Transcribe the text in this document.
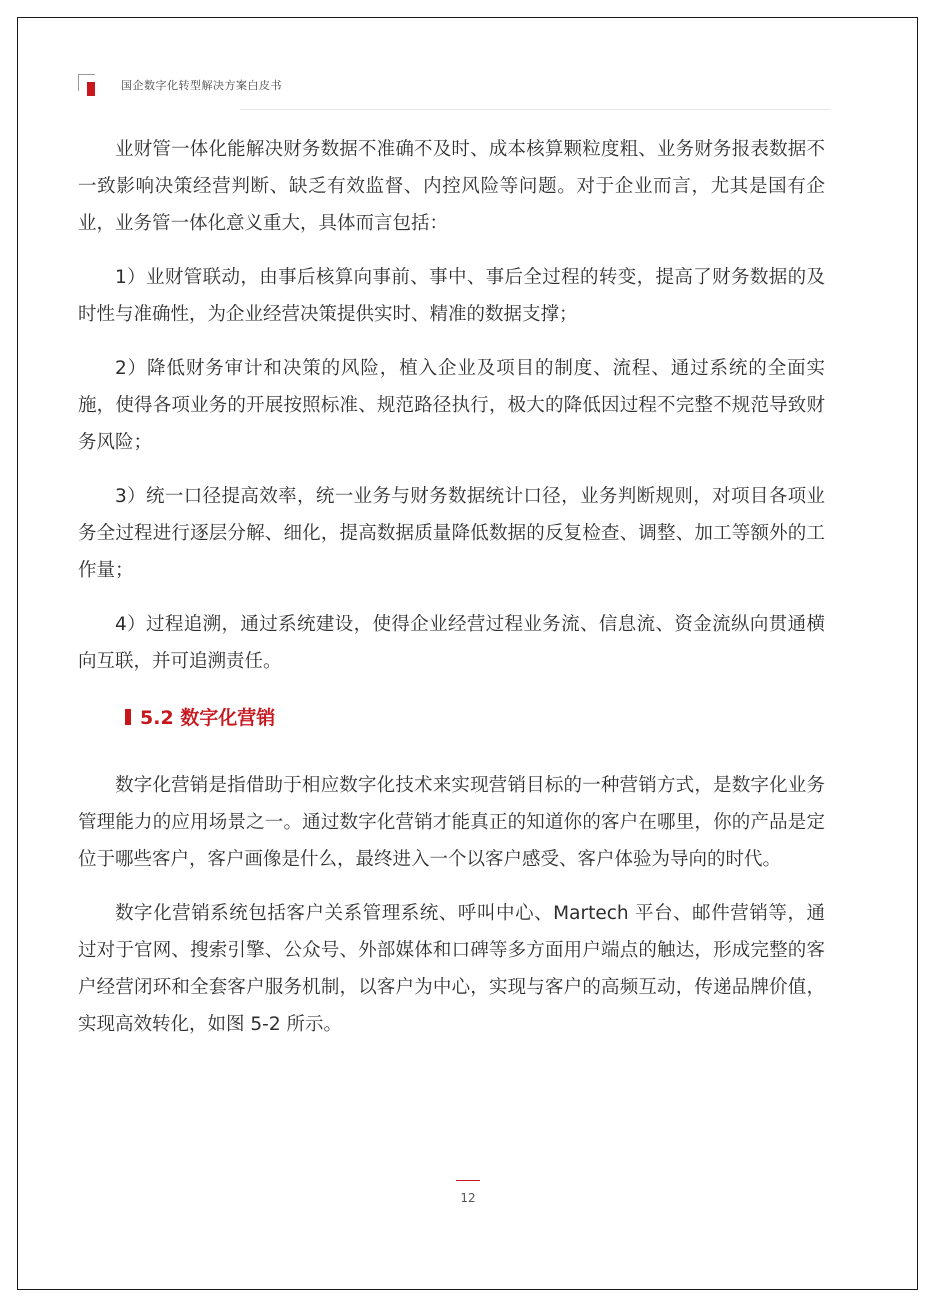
国企数字化转型解决方案白皮书

业财管一体化能解决财务数据不准确不及时、成本核算颗粒度粗、业务财务报表数据不一致影响决策经营判断、缺乏有效监督、内控风险等问题。对于企业而言，尤其是国有企业，业务管一体化意义重大，具体而言包括：

1）业财管联动，由事后核算向事前、事中、事后全过程的转变，提高了财务数据的及时性与准确性，为企业经营决策提供实时、精准的数据支撑；

2）降低财务审计和决策的风险，植入企业及项目的制度、流程、通过系统的全面实施，使得各项业务的开展按照标准、规范路径执行，极大的降低因过程不完整不规范导致财务风险；

3）统一口径提高效率，统一业务与财务数据统计口径，业务判断规则，对项目各项业务全过程进行逐层分解、细化，提高数据质量降低数据的反复检查、调整、加工等额外的工作量；

4）过程追溯，通过系统建设，使得企业经营过程业务流、信息流、资金流纵向贯通横向互联，并可追溯责任。

5.2 数字化营销

数字化营销是指借助于相应数字化技术来实现营销目标的一种营销方式，是数字化业务管理能力的应用场景之一。通过数字化营销才能真正的知道你的客户在哪里，你的产品是定位于哪些客户，客户画像是什么，最终进入一个以客户感受、客户体验为导向的时代。

数字化营销系统包括客户关系管理系统、呼叫中心、Martech 平台、邮件营销等，通过对于官网、搜索引擎、公众号、外部媒体和口碑等多方面用户端点的触达，形成完整的客户经营闭环和全套客户服务机制，以客户为中心，实现与客户的高频互动，传递品牌价值，实现高效转化，如图 5-2 所示。

12
